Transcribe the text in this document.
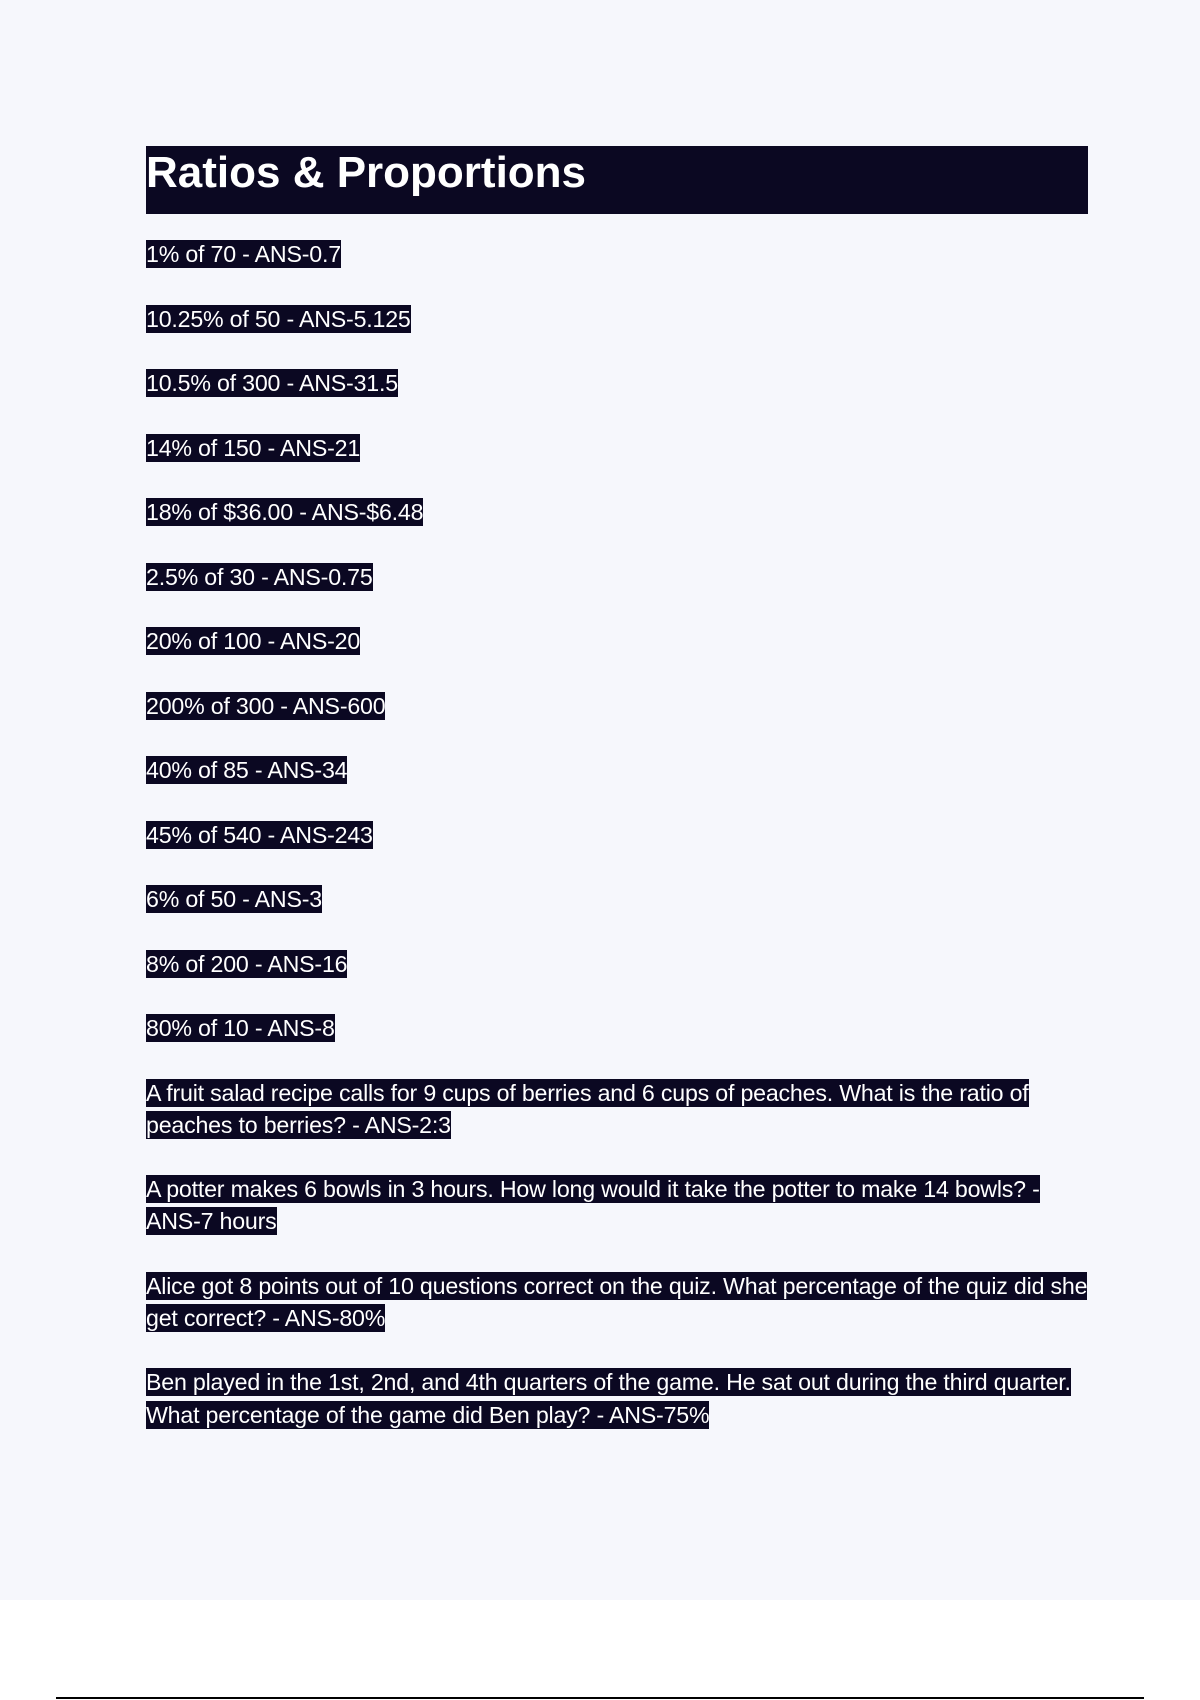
Ratios & Proportions

1% of 70 - ANS-0.7

10.25% of 50 - ANS-5.125

10.5% of 300 - ANS-31.5

14% of 150 - ANS-21

18% of $36.00 - ANS-$6.48

2.5% of 30 - ANS-0.75

20% of 100 - ANS-20

200% of 300 - ANS-600

40% of 85 - ANS-34

45% of 540 - ANS-243

6% of 50 - ANS-3

8% of 200 - ANS-16

80% of 10 - ANS-8

A fruit salad recipe calls for 9 cups of berries and 6 cups of peaches. What is the ratio of peaches to berries? - ANS-2:3

A potter makes 6 bowls in 3 hours. How long would it take the potter to make 14 bowls? - ANS-7 hours

Alice got 8 points out of 10 questions correct on the quiz. What percentage of the quiz did she get correct? - ANS-80%

Ben played in the 1st, 2nd, and 4th quarters of the game. He sat out during the third quarter. What percentage of the game did Ben play? - ANS-75%
